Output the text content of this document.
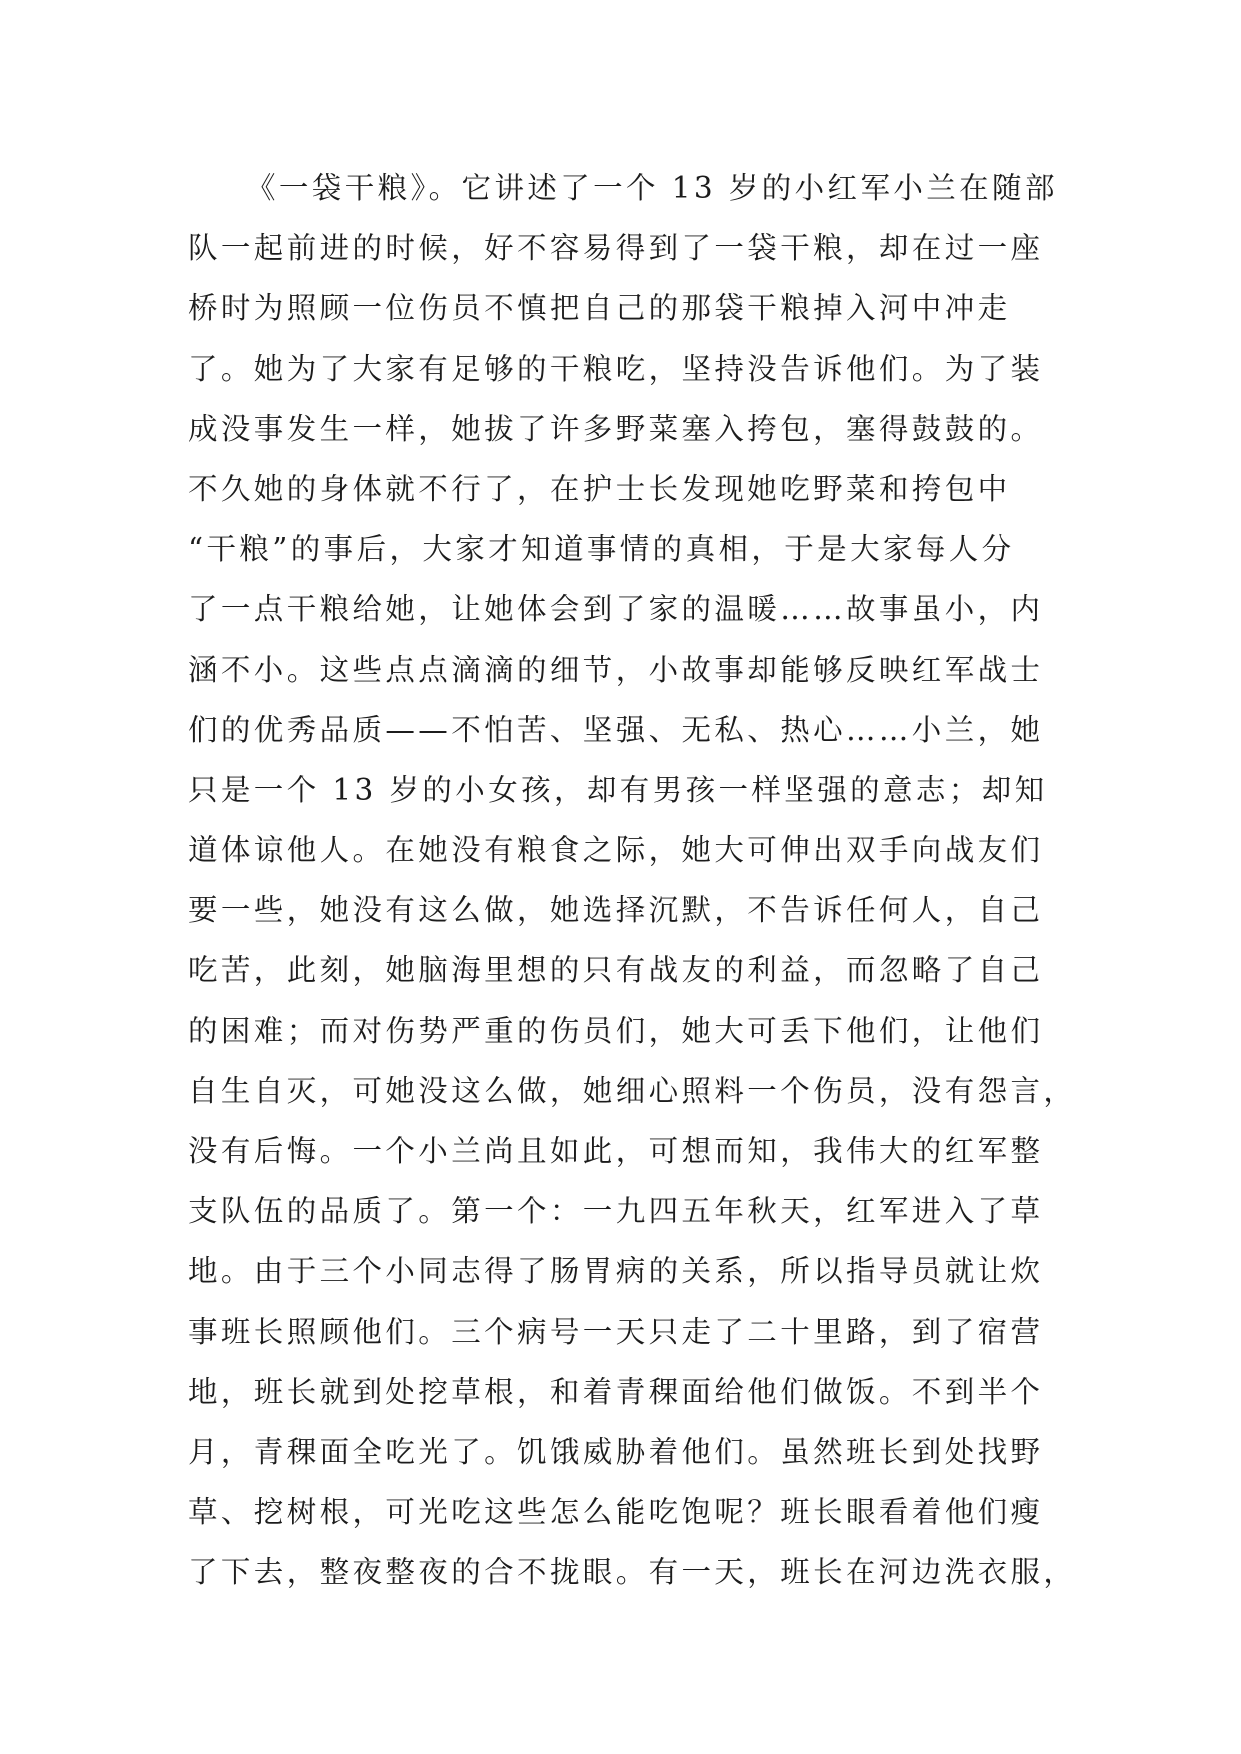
《一袋干粮》。它讲述了一个 13 岁的小红军小兰在随部
队一起前进的时候，好不容易得到了一袋干粮，却在过一座
桥时为照顾一位伤员不慎把自己的那袋干粮掉入河中冲走
了。她为了大家有足够的干粮吃，坚持没告诉他们。为了装
成没事发生一样，她拔了许多野菜塞入挎包，塞得鼓鼓的。
不久她的身体就不行了，在护士长发现她吃野菜和挎包中
“干粮”的事后，大家才知道事情的真相，于是大家每人分
了一点干粮给她，让她体会到了家的温暖……故事虽小，内
涵不小。这些点点滴滴的细节，小故事却能够反映红军战士
们的优秀品质——不怕苦、坚强、无私、热心……小兰，她
只是一个 13 岁的小女孩，却有男孩一样坚强的意志；却知
道体谅他人。在她没有粮食之际，她大可伸出双手向战友们
要一些，她没有这么做，她选择沉默，不告诉任何人，自己
吃苦，此刻，她脑海里想的只有战友的利益，而忽略了自己
的困难；而对伤势严重的伤员们，她大可丢下他们，让他们
自生自灭，可她没这么做，她细心照料一个伤员，没有怨言，
没有后悔。一个小兰尚且如此，可想而知，我伟大的红军整
支队伍的品质了。第一个：一九四五年秋天，红军进入了草
地。由于三个小同志得了肠胃病的关系，所以指导员就让炊
事班长照顾他们。三个病号一天只走了二十里路，到了宿营
地，班长就到处挖草根，和着青稞面给他们做饭。不到半个
月，青稞面全吃光了。饥饿威胁着他们。虽然班长到处找野
草、挖树根，可光吃这些怎么能吃饱呢？班长眼看着他们瘦
了下去，整夜整夜的合不拢眼。有一天，班长在河边洗衣服，
